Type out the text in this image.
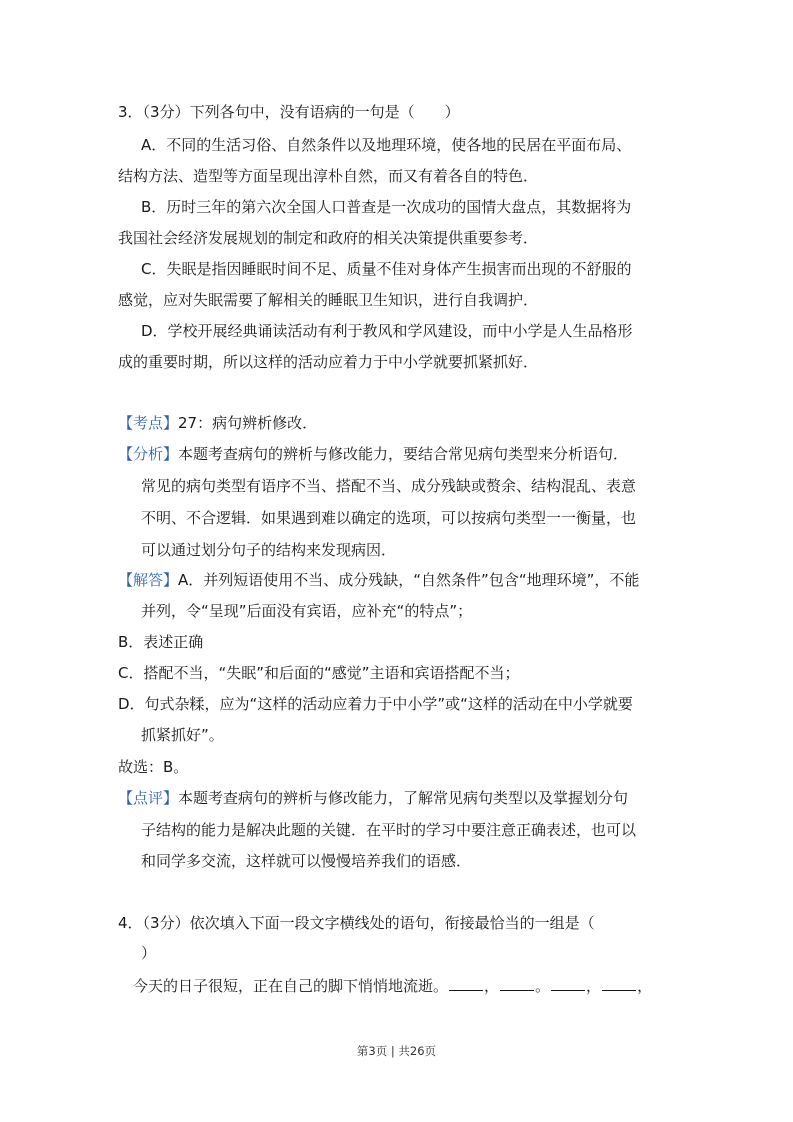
3．（3分）下列各句中，没有语病的一句是（　　）
A．不同的生活习俗、自然条件以及地理环境，使各地的民居在平面布局、
结构方法、造型等方面呈现出淳朴自然，而又有着各自的特色．
B．历时三年的第六次全国人口普查是一次成功的国情大盘点，其数据将为
我国社会经济发展规划的制定和政府的相关决策提供重要参考．
C．失眠是指因睡眠时间不足、质量不佳对身体产生损害而出现的不舒服的
感觉，应对失眠需要了解相关的睡眠卫生知识，进行自我调护．
D．学校开展经典诵读活动有利于教风和学风建设，而中小学是人生品格形
成的重要时期，所以这样的活动应着力于中小学就要抓紧抓好．
【考点】27：病句辨析修改．
【分析】本题考查病句的辨析与修改能力，要结合常见病句类型来分析语句．
常见的病句类型有语序不当、搭配不当、成分残缺或赘余、结构混乱、表意
不明、不合逻辑．如果遇到难以确定的选项，可以按病句类型一一衡量，也
可以通过划分句子的结构来发现病因．
【解答】A．并列短语使用不当、成分残缺，“自然条件”包含“地理环境”，不能
并列，令“呈现”后面没有宾语，应补充“的特点”；
B．表述正确
C．搭配不当，“失眠”和后面的“感觉”主语和宾语搭配不当；
D．句式杂糅，应为“这样的活动应着力于中小学”或“这样的活动在中小学就要
抓紧抓好”。
故选：B。
【点评】本题考查病句的辨析与修改能力，了解常见病句类型以及掌握划分句
子结构的能力是解决此题的关键．在平时的学习中要注意正确表述，也可以
和同学多交流，这样就可以慢慢培养我们的语感．
4．（3分）依次填入下面一段文字横线处的语句，衔接最恰当的一组是（
）
今天的日子很短，正在自己的脚下悄悄地流逝。 ， 。 ， ，
第3页 | 共26页
